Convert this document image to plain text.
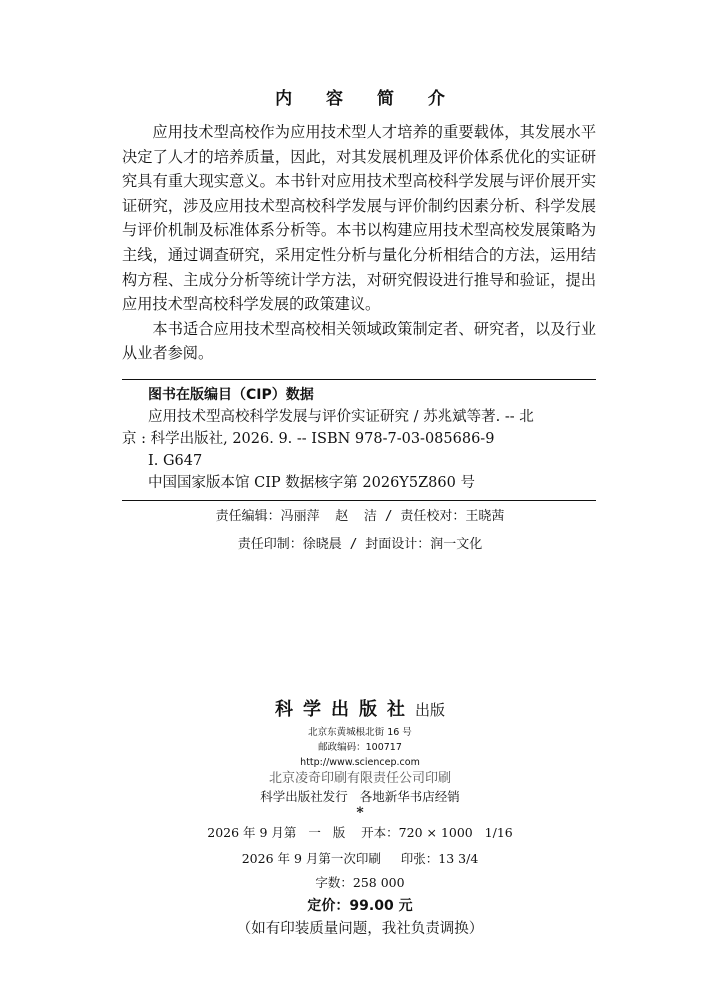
内 容 简 介

应用技术型高校作为应用技术型人才培养的重要载体，其发展水平决定了人才的培养质量，因此，对其发展机理及评价体系优化的实证研究具有重大现实意义。本书针对应用技术型高校科学发展与评价展开实证研究，涉及应用技术型高校科学发展与评价制约因素分析、科学发展与评价机制及标准体系分析等。本书以构建应用技术型高校发展策略为主线，通过调查研究，采用定性分析与量化分析相结合的方法，运用结构方程、主成分分析等统计学方法，对研究假设进行推导和验证，提出应用技术型高校科学发展的政策建议。

本书适合应用技术型高校相关领域政策制定者、研究者，以及行业从业者参阅。

图书在版编目（CIP）数据
应用技术型高校科学发展与评价实证研究 / 苏兆斌等著. -- 北
京 : 科学出版社, 2026. 9. -- ISBN 978-7-03-085686-9
Ⅰ. G647
中国国家版本馆 CIP 数据核字第 2026Y5Z860 号
责任编辑：冯丽萍  赵  洁 / 责任校对：王晓茜
责任印制：徐晓晨 / 封面设计：润一文化
科学出版社出版
北京东黄城根北街 16 号
邮政编码：100717
http://www.sciencep.com
北京凌奇印刷有限责任公司印刷
科学出版社发行   各地新华书店经销
*
2026 年 9 月第   一   版    开本：720 × 1000   1/16
2026 年 9 月第一次印刷     印张：13 3/4
字数：258 000
定价：99.00 元
（如有印装质量问题，我社负责调换）
